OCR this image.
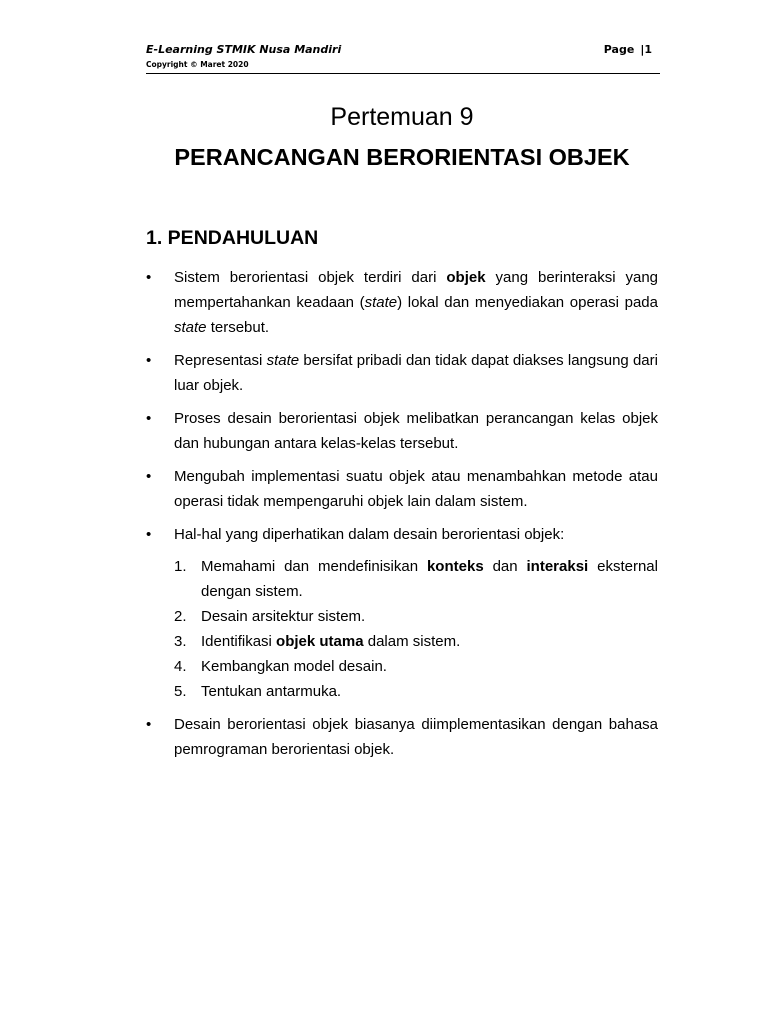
E-Learning STMIK Nusa Mandiri
Copyright © Maret 2020
Page |1
Pertemuan 9
PERANCANGAN BERORIENTASI OBJEK
1. PENDAHULUAN
• Sistem berorientasi objek terdiri dari objek yang berinteraksi yang mempertahankan keadaan (state) lokal dan menyediakan operasi pada state tersebut.
• Representasi state bersifat pribadi dan tidak dapat diakses langsung dari luar objek.
• Proses desain berorientasi objek melibatkan perancangan kelas objek dan hubungan antara kelas-kelas tersebut.
• Mengubah implementasi suatu objek atau menambahkan metode atau operasi tidak mempengaruhi objek lain dalam sistem.
• Hal-hal yang diperhatikan dalam desain berorientasi objek:
1. Memahami dan mendefinisikan konteks dan interaksi eksternal dengan sistem.
2. Desain arsitektur sistem.
3. Identifikasi objek utama dalam sistem.
4. Kembangkan model desain.
5. Tentukan antarmuka.
• Desain berorientasi objek biasanya diimplementasikan dengan bahasa pemrograman berorientasi objek.
